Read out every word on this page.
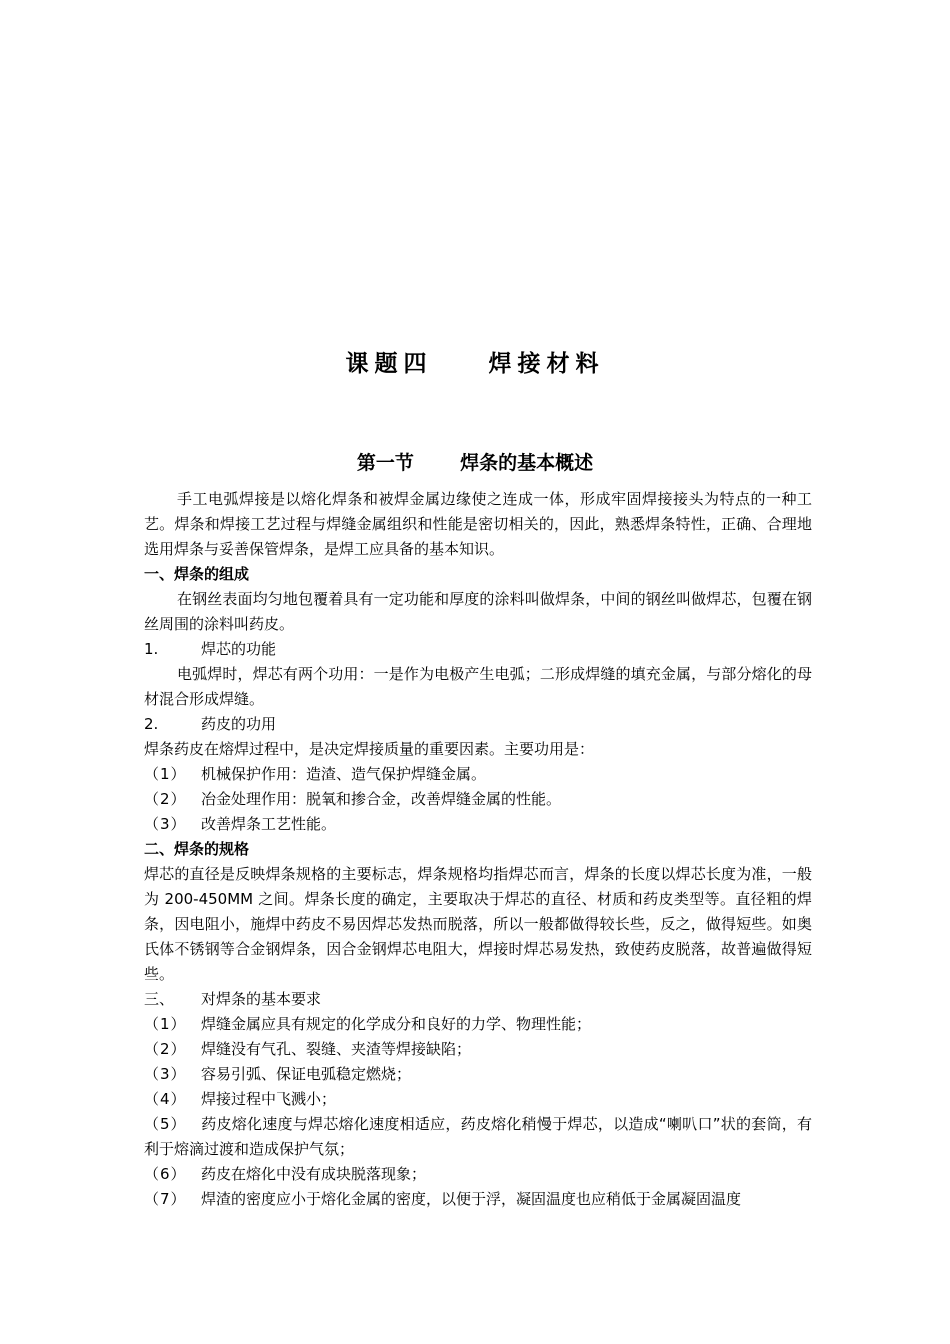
课题四    焊接材料
第一节       焊条的基本概述

手工电弧焊接是以熔化焊条和被焊金属边缘使之连成一体，形成牢固焊接接头为特点的一种工艺。焊条和焊接工艺过程与焊缝金属组织和性能是密切相关的，因此，熟悉焊条特性，正确、合理地选用焊条与妥善保管焊条，是焊工应具备的基本知识。

一、焊条的组成

在钢丝表面均匀地包覆着具有一定功能和厚度的涂料叫做焊条，中间的钢丝叫做焊芯，包覆在钢丝周围的涂料叫药皮。

1.	焊芯的功能

电弧焊时，焊芯有两个功用：一是作为电极产生电弧；二形成焊缝的填充金属，与部分熔化的母材混合形成焊缝。

2.	药皮的功用

焊条药皮在熔焊过程中，是决定焊接质量的重要因素。主要功用是：

（1） 机械保护作用：造渣、造气保护焊缝金属。

（2） 冶金处理作用：脱氧和掺合金，改善焊缝金属的性能。

（3） 改善焊条工艺性能。

二、焊条的规格

焊芯的直径是反映焊条规格的主要标志，焊条规格均指焊芯而言，焊条的长度以焊芯长度为准，一般为 200-450MM 之间。焊条长度的确定，主要取决于焊芯的直径、材质和药皮类型等。直径粗的焊条，因电阻小，施焊中药皮不易因焊芯发热而脱落，所以一般都做得较长些，反之，做得短些。如奥氏体不锈钢等合金钢焊条，因合金钢焊芯电阻大，焊接时焊芯易发热，致使药皮脱落，故普遍做得短些。

三、 对焊条的基本要求

（1） 焊缝金属应具有规定的化学成分和良好的力学、物理性能；

（2） 焊缝没有气孔、裂缝、夹渣等焊接缺陷；

（3） 容易引弧、保证电弧稳定燃烧；

（4） 焊接过程中飞溅小；

（5） 药皮熔化速度与焊芯熔化速度相适应，药皮熔化稍慢于焊芯，以造成“喇叭口”状的套筒，有利于熔滴过渡和造成保护气氛；

（6） 药皮在熔化中没有成块脱落现象；

（7） 焊渣的密度应小于熔化金属的密度，以便于浮，凝固温度也应稍低于金属凝固温度
